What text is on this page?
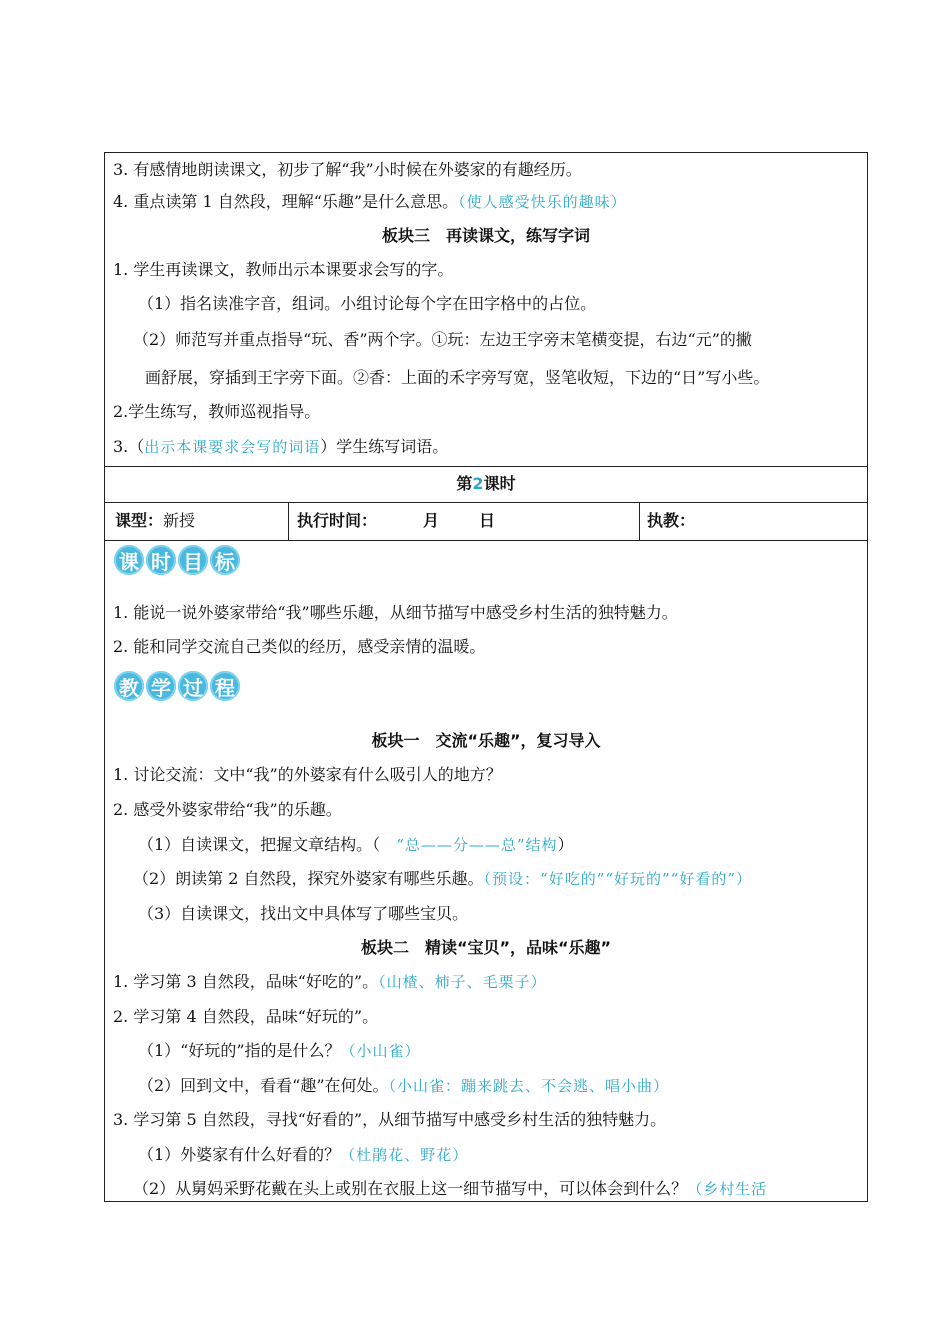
3. 有感情地朗读课文，初步了解“我”小时候在外婆家的有趣经历。
4. 重点读第 1 自然段，理解“乐趣”是什么意思。（使人感受快乐的趣味）
板块三　再读课文，练写字词
1. 学生再读课文，教师出示本课要求会写的字。
（1）指名读准字音，组词。小组讨论每个字在田字格中的占位。
（2）师范写并重点指导“玩、香”两个字。①玩：左边王字旁末笔横变提，右边“元”的撇
画舒展，穿插到王字旁下面。②香：上面的禾字旁写宽，竖笔收短，下边的“日”写小些。
2.学生练写，教师巡视指导。
3.（出示本课要求会写的词语）学生练写词语。
第2课时
课型：新授	执行时间：	月	日	执教：
课 时 目 标
1. 能说一说外婆家带给“我”哪些乐趣，从细节描写中感受乡村生活的独特魅力。
2. 能和同学交流自己类似的经历，感受亲情的温暖。
教 学 过 程
板块一　交流“乐趣”，复习导入
1. 讨论交流：文中“我”的外婆家有什么吸引人的地方？
2. 感受外婆家带给“我”的乐趣。
（1）自读课文，把握文章结构。（　“总——分——总”结构）
（2）朗读第 2 自然段，探究外婆家有哪些乐趣。（预设：“好吃的”“好玩的”“好看的”）
（3）自读课文，找出文中具体写了哪些宝贝。
板块二　精读“宝贝”，品味“乐趣”
1. 学习第 3 自然段，品味“好吃的”。（山楂、柿子、毛栗子）
2. 学习第 4 自然段，品味“好玩的”。
（1）“好玩的”指的是什么？（小山雀）
（2）回到文中，看看“趣”在何处。（小山雀：蹦来跳去、不会逃、唱小曲）
3. 学习第 5 自然段，寻找“好看的”，从细节描写中感受乡村生活的独特魅力。
（1）外婆家有什么好看的？（杜鹃花、野花）
（2）从舅妈采野花戴在头上或别在衣服上这一细节描写中，可以体会到什么？（乡村生活
